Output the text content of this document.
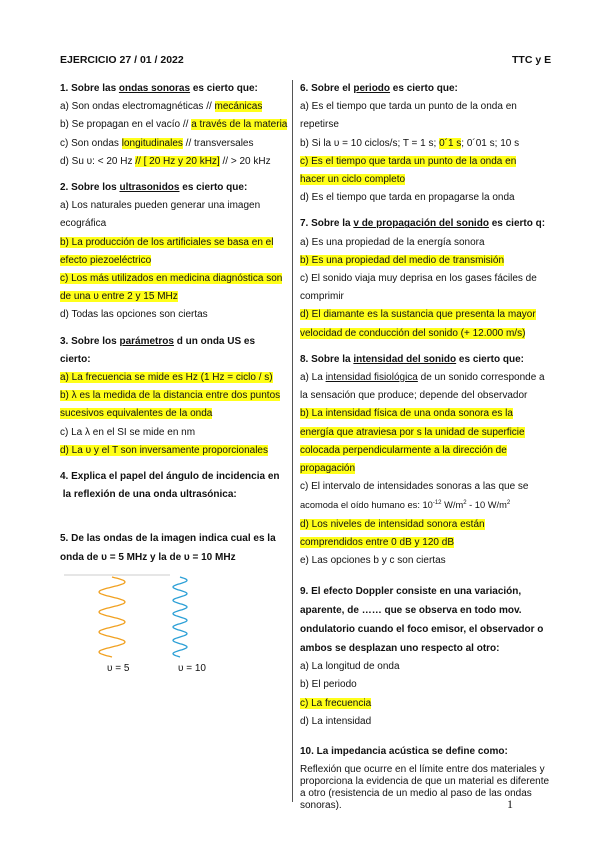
EJERCICIO 27 / 01 / 2022	TTC y E

1. Sobre las ondas sonoras es cierto que:

a) Son ondas electromagnéticas // mecánicas

b) Se propagan en el vacío // a través de la materia

c) Son ondas longitudinales // transversales

d) Su υ: < 20 Hz // [ 20 Hz y 20 kHz] // > 20 kHz

2. Sobre los ultrasonidos es cierto que:

a) Los naturales pueden generar una imagen
ecográfica

b) La producción de los artificiales se basa en el
efecto piezoeléctrico

c) Los más utilizados en medicina diagnóstica son
de una υ entre 2 y 15 MHz

d) Todas las opciones son ciertas

3. Sobre los parámetros d un onda US es cierto:

a) La frecuencia se mide es Hz (1 Hz = ciclo / s)

b) λ es la medida de la distancia entre dos puntos
sucesivos equivalentes de la onda

c) La λ en el SI se mide en nm

d) La υ y el T son inversamente proporcionales

4. Explica el papel del ángulo de incidencia en
la reflexión de una onda ultrasónica:

5. De las ondas de la imagen indica cual es la
onda de υ = 5 MHz y la de υ = 10 MHz

υ = 5	υ = 10

6. Sobre el periodo es cierto que:

a) Es el tiempo que tarda un punto de la onda en
repetirse

b) Si la υ = 10 ciclos/s; T = 1 s; 0´1 s; 0´01 s; 10 s

c) Es el tiempo que tarda un punto de la onda en
hacer un ciclo completo

d) Es el tiempo que tarda en propagarse la onda

7. Sobre la v de propagación del sonido es cierto q:

a) Es una propiedad de la energía sonora

b) Es una propiedad del medio de transmisión

c) El sonido viaja muy deprisa en los gases fáciles de
comprimir

d) El diamante es la sustancia que presenta la mayor
velocidad de conducción del sonido (+ 12.000 m/s)

8. Sobre la intensidad del sonido es cierto que:

a) La intensidad fisiológica de un sonido corresponde a
la sensación que produce; depende del observador

b) La intensidad física de una onda sonora es la
energía que atraviesa por s la unidad de superficie
colocada perpendicularmente a la dirección de
propagación

c) El intervalo de intensidades sonoras a las que se
acomoda el oído humano es: $10^{-12}$ $W/m^2 - 10$ $W/m^2$

d) Los niveles de intensidad sonora están
comprendidos entre 0 dB y 120 dB

e) Las opciones b y c son ciertas

9. El efecto Doppler consiste en una variación,
aparente, de …… que se observa en todo mov.
ondulatorio cuando el foco emisor, el observador o
ambos se desplazan uno respecto al otro:

a) La longitud de onda

b) El periodo

c) La frecuencia

d) La intensidad

10. La impedancia acústica se define como:

Reflexión que ocurre en el límite entre dos materiales y proporciona la evidencia de que un material es diferente a otro (resistencia de un medio al paso de las ondas sonoras).	1
